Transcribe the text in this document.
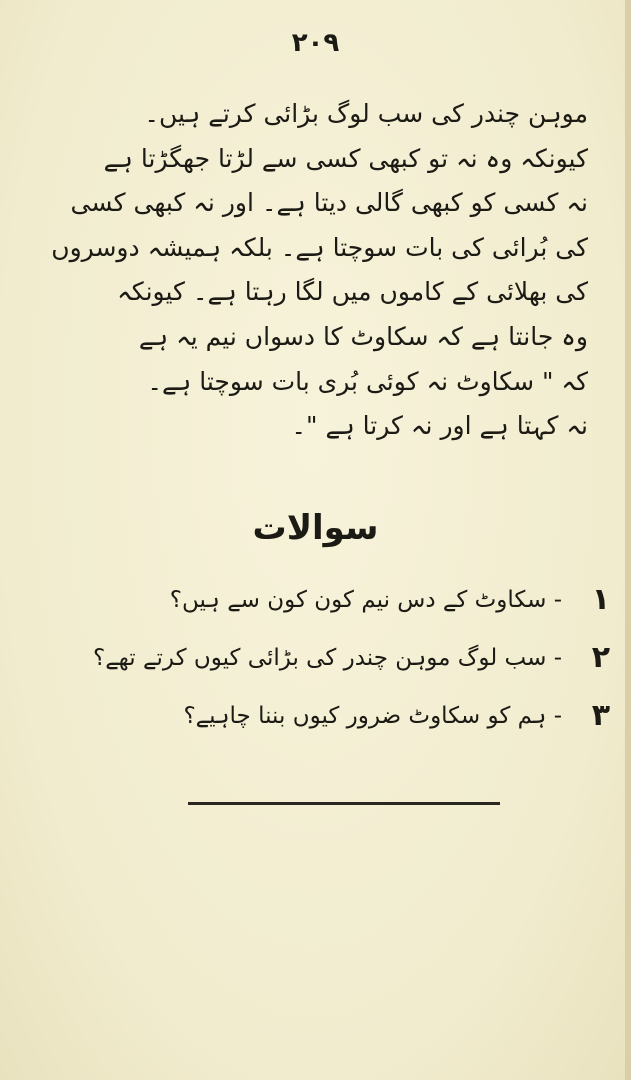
۲۰۹
موہن چندر کی سب لوگ بڑائی کرتے ہیں۔
کیونکہ وہ نہ تو کبھی کسی سے لڑتا جھگڑتا ہے
نہ کسی کو کبھی گالی دیتا ہے۔ اور نہ کبھی کسی
کی بُرائی کی بات سوچتا ہے۔ بلکہ ہمیشہ دوسروں
کی بھلائی کے کاموں میں لگا رہتا ہے۔ کیونکہ
وہ جانتا ہے کہ سکاوٹ کا دسواں نیم یہ ہے
کہ " سکاوٹ نہ کوئی بُری بات سوچتا ہے۔
نہ کہتا ہے اور نہ کرتا ہے "۔
سوالات
۱
- سکاوٹ کے دس نیم کون کون سے ہیں؟
۲
- سب لوگ موہن چندر کی بڑائی کیوں کرتے تھے؟
۳
- ہم کو سکاوٹ ضرور کیوں بننا چاہیے؟
